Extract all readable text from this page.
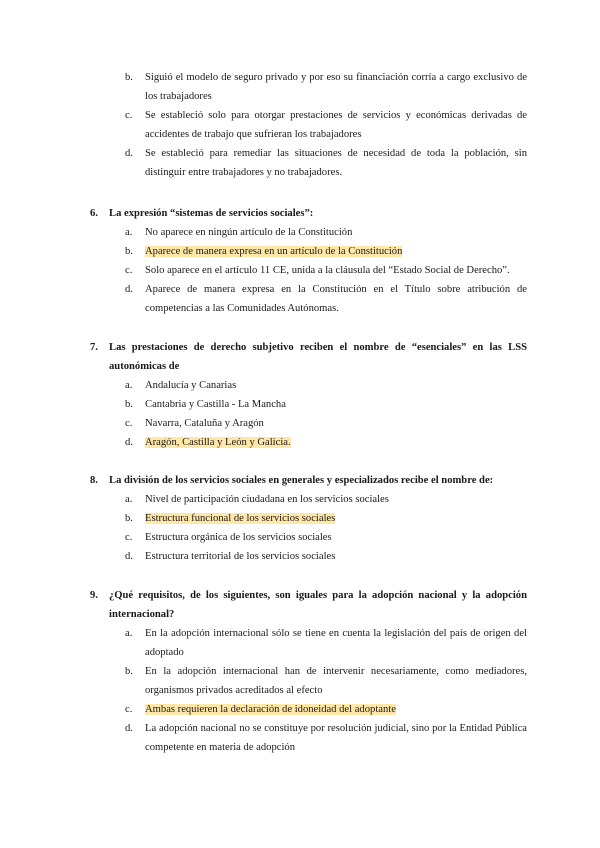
b.	Siguió el modelo de seguro privado y por eso su financiación corría a cargo exclusivo de los trabajadores
c.	Se estableció solo para otorgar prestaciones de servicios y económicas derivadas de accidentes de trabajo que sufrieran los trabajadores
d.	Se estableció para remediar las situaciones de necesidad de toda la población, sin distinguir entre trabajadores y no trabajadores.
6.	La expresión “sistemas de servicios sociales”:
a.	No aparece en ningún artículo de la Constitución
b.	Aparece de manera expresa en un artículo de la Constitución
c.	Solo aparece en el artículo 11 CE, unida a la cláusula del “Estado Social de Derecho”.
d.	Aparece de manera expresa en la Constitución en el Título sobre atribución de competencias a las Comunidades Autónomas.
7.	Las prestaciones de derecho subjetivo reciben el nombre de “esenciales” en las LSS autonómicas de
a.	Andalucía y Canarias
b.	Cantabria y Castilla - La Mancha
c.	Navarra, Cataluña y Aragón
d.	Aragón, Castilla y León y Galicia.
8.	La división de los servicios sociales en generales y especializados recibe el nombre de:
a.	Nivel de participación ciudadana en los servicios sociales
b.	Estructura funcional de los servicios sociales
c.	Estructura orgánica de los servicios sociales
d.	Estructura territorial de los servicios sociales
9.	¿Qué requisitos, de los siguientes, son iguales para la adopción nacional y la adopción internacional?
a.	En la adopción internacional sólo se tiene en cuenta la legislación del país de origen del adoptado
b.	En la adopción internacional han de intervenir necesariamente, como mediadores, organismos privados acreditados al efecto
c.	Ambas requieren la declaración de idoneidad del adoptante
d.	La adopción nacional no se constituye por resolución judicial, sino por la Entidad Pública competente en materia de adopción
